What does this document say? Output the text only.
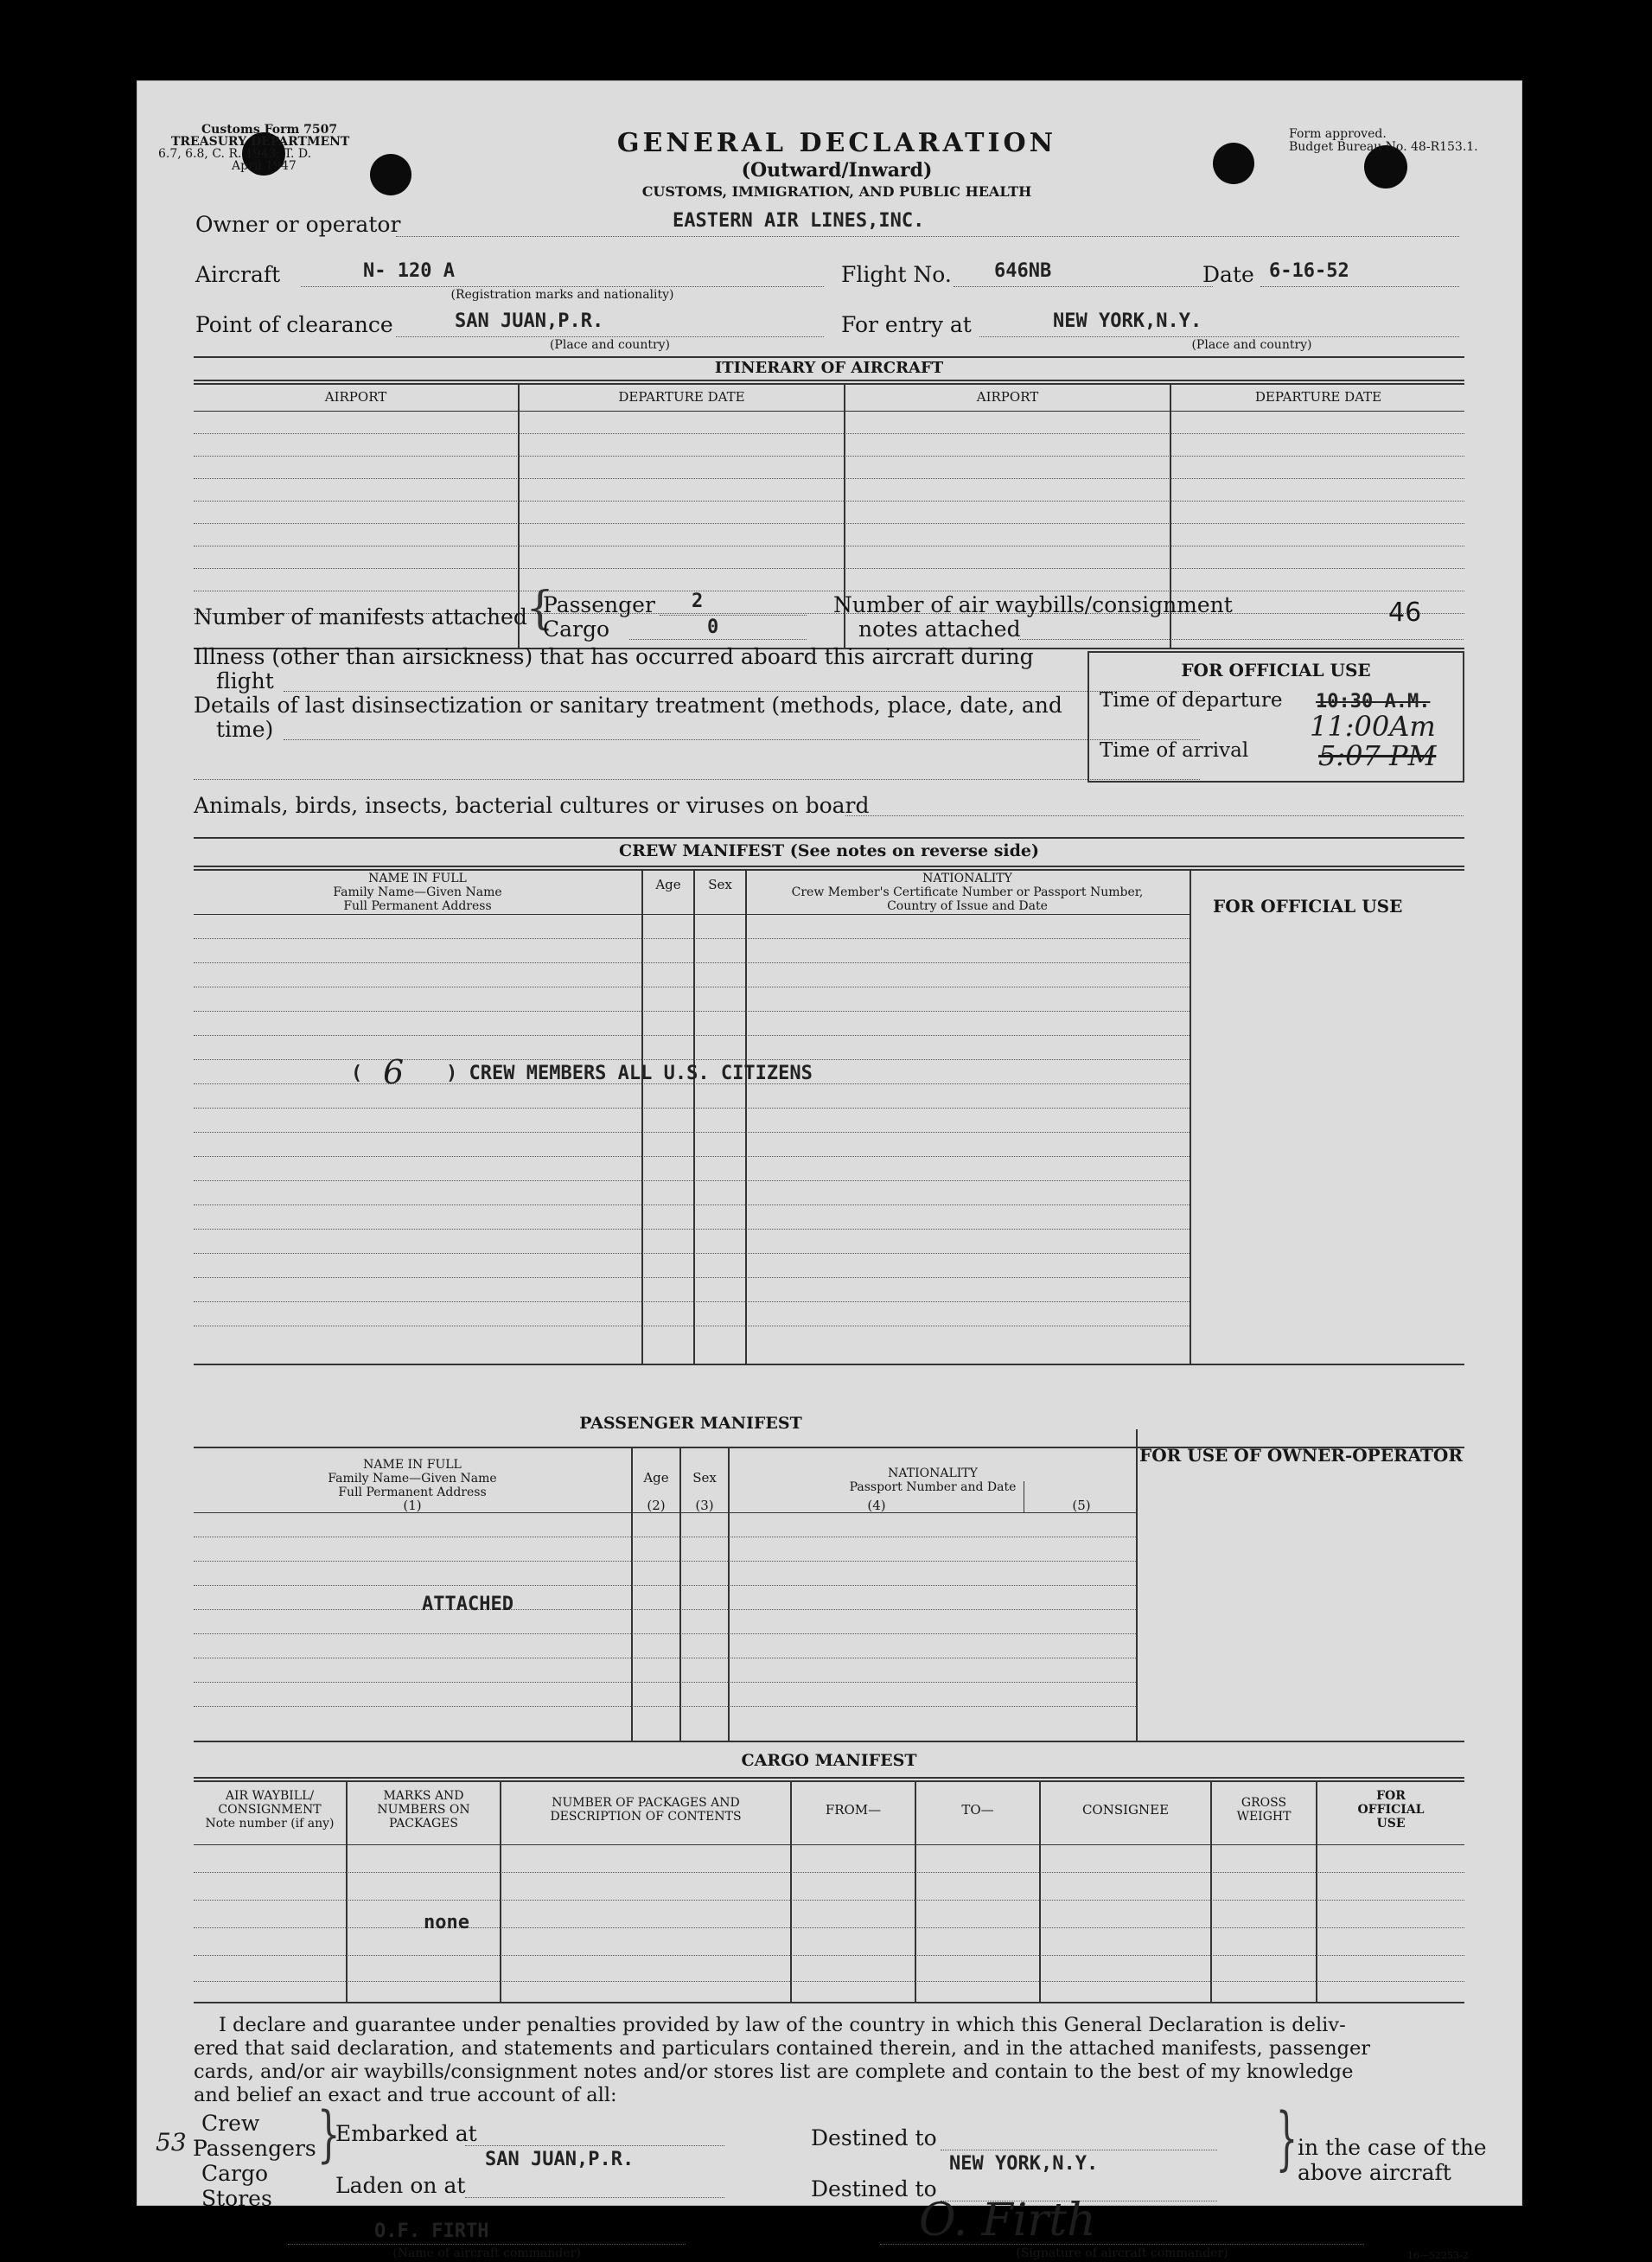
Customs Form 7507
TREASURY DEPARTMENT
6.7, 6.8, C. R. 1943; T. D.
April 1947
GENERAL DECLARATION
(Outward/Inward)
CUSTOMS, IMMIGRATION, AND PUBLIC HEALTH
Form approved.
Budget Bureau No. 48-R153.1.
Owner or operator	EASTERN AIR LINES,INC.
Aircraft	N- 120 A
(Registration marks and nationality)
Flight No. 646NB	Date 6-16-52
Point of clearance	SAN JUAN,P.R.
(Place and country)
For entry at	NEW YORK,N.Y.
(Place and country)
ITINERARY OF AIRCRAFT
AIRPORT	DEPARTURE DATE	AIRPORT	DEPARTURE DATE
Number of manifests attached
{
Passenger 2
Cargo	0
Number of air waybills/consignment
notes attached
46
Illness (other than airsickness) that has occurred aboard this aircraft during
flight
Details of last disinsectization or sanitary treatment (methods, place, date, and
time)
Animals, birds, insects, bacterial cultures or viruses on board
FOR OFFICIAL USE
Time of departure 10:30 A.M.
11:00Am
Time of arrival	5:07 PM
CREW MANIFEST (See notes on reverse side)
NAME IN FULL
Family Name—Given Name
Full Permanent Address
Age	Sex	NATIONALITY
Crew Member's Certificate Number or Passport Number,
Country of Issue and Date	FOR OFFICIAL USE
( 6 ) CREW MEMBERS ALL U.S. CITIZENS
PASSENGER MANIFEST
NAME IN FULL
Family Name—Given Name
Full Permanent Address
(1)
Age
(2)
Sex
(3)
NATIONALITY
Passport Number and Date
(4)	(5)
FOR USE OF OWNER-OPERATOR
ATTACHED
CARGO MANIFEST
AIR WAYBILL/
CONSIGNMENT
Note number (if any)
MARKS AND
NUMBERS ON
PACKAGES
NUMBER OF PACKAGES AND
DESCRIPTION OF CONTENTS	FROM—	TO—	CONSIGNEE	GROSS
WEIGHT
FOR
OFFICIAL
USE
none
I declare and guarantee under penalties provided by law of the country in which this General Declaration is deliv-
ered that said declaration, and statements and particulars contained therein, and in the attached manifests, passenger
cards, and/or air waybills/consignment notes and/or stores list are complete and contain to the best of my knowledge
and belief an exact and true account of all:
Crew
Passengers
Cargo
Stores
53 }
Embarked at
SAN JUAN,P.R.
Laden on at
Destined to
NEW YORK,N.Y.
Destined to
} in the case of the
above aircraft
O.F. FIRTH
(Name of aircraft commander)
O. Firth
(Signature of aircraft commander)	16—52253-2
